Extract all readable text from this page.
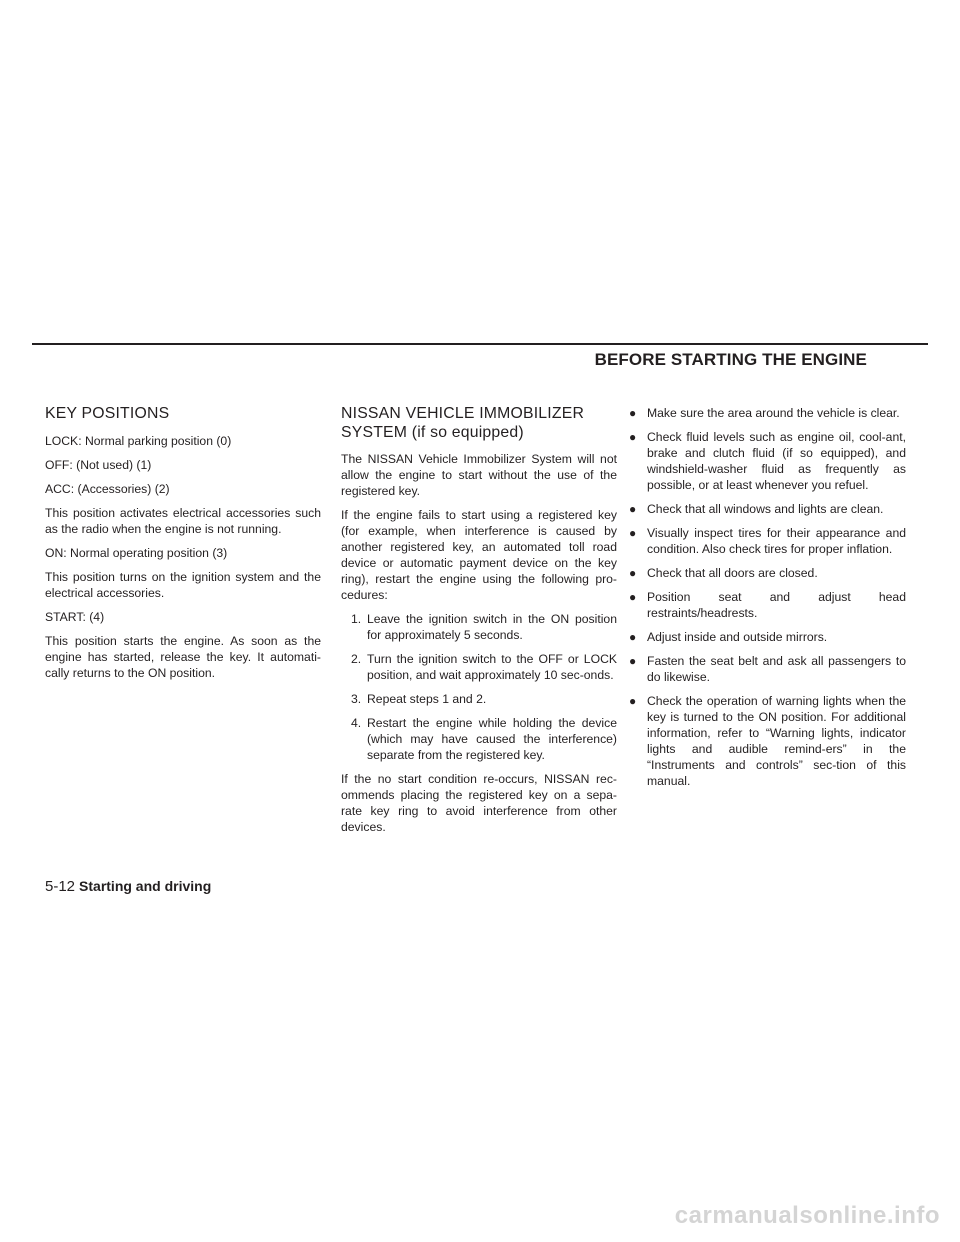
BEFORE STARTING THE ENGINE
KEY POSITIONS

LOCK: Normal parking position (0)

OFF: (Not used) (1)

ACC: (Accessories) (2)

This position activates electrical accessories such as the radio when the engine is not running.

ON: Normal operating position (3)

This position turns on the ignition system and the electrical accessories.

START: (4)

This position starts the engine. As soon as the engine has started, release the key. It automati-cally returns to the ON position.

NISSAN VEHICLE IMMOBILIZER
SYSTEM (if so equipped)

The NISSAN Vehicle Immobilizer System will not allow the engine to start without the use of the registered key.

If the engine fails to start using a registered key (for example, when interference is caused by another registered key, an automated toll road device or automatic payment device on the key ring), restart the engine using the following pro-cedures:

1. Leave the ignition switch in the ON position for approximately 5 seconds.
2. Turn the ignition switch to the OFF or LOCK position, and wait approximately 10 sec-onds.
3. Repeat steps 1 and 2.
4. Restart the engine while holding the device (which may have caused the interference) separate from the registered key.

If the no start condition re-occurs, NISSAN rec-ommends placing the registered key on a sepa-rate key ring to avoid interference from other devices.

● Make sure the area around the vehicle is clear.
● Check fluid levels such as engine oil, cool-ant, brake and clutch fluid (if so equipped), and windshield-washer fluid as frequently as possible, or at least whenever you refuel.
● Check that all windows and lights are clean.
● Visually inspect tires for their appearance and condition. Also check tires for proper inflation.
● Check that all doors are closed.
● Position seat and adjust head restraints/headrests.
● Adjust inside and outside mirrors.
● Fasten the seat belt and ask all passengers to do likewise.
● Check the operation of warning lights when the key is turned to the ON position. For additional information, refer to “Warning lights, indicator lights and audible remind-ers” in the “Instruments and controls” sec-tion of this manual.
5-12 Starting and driving
carmanualsonline.info
